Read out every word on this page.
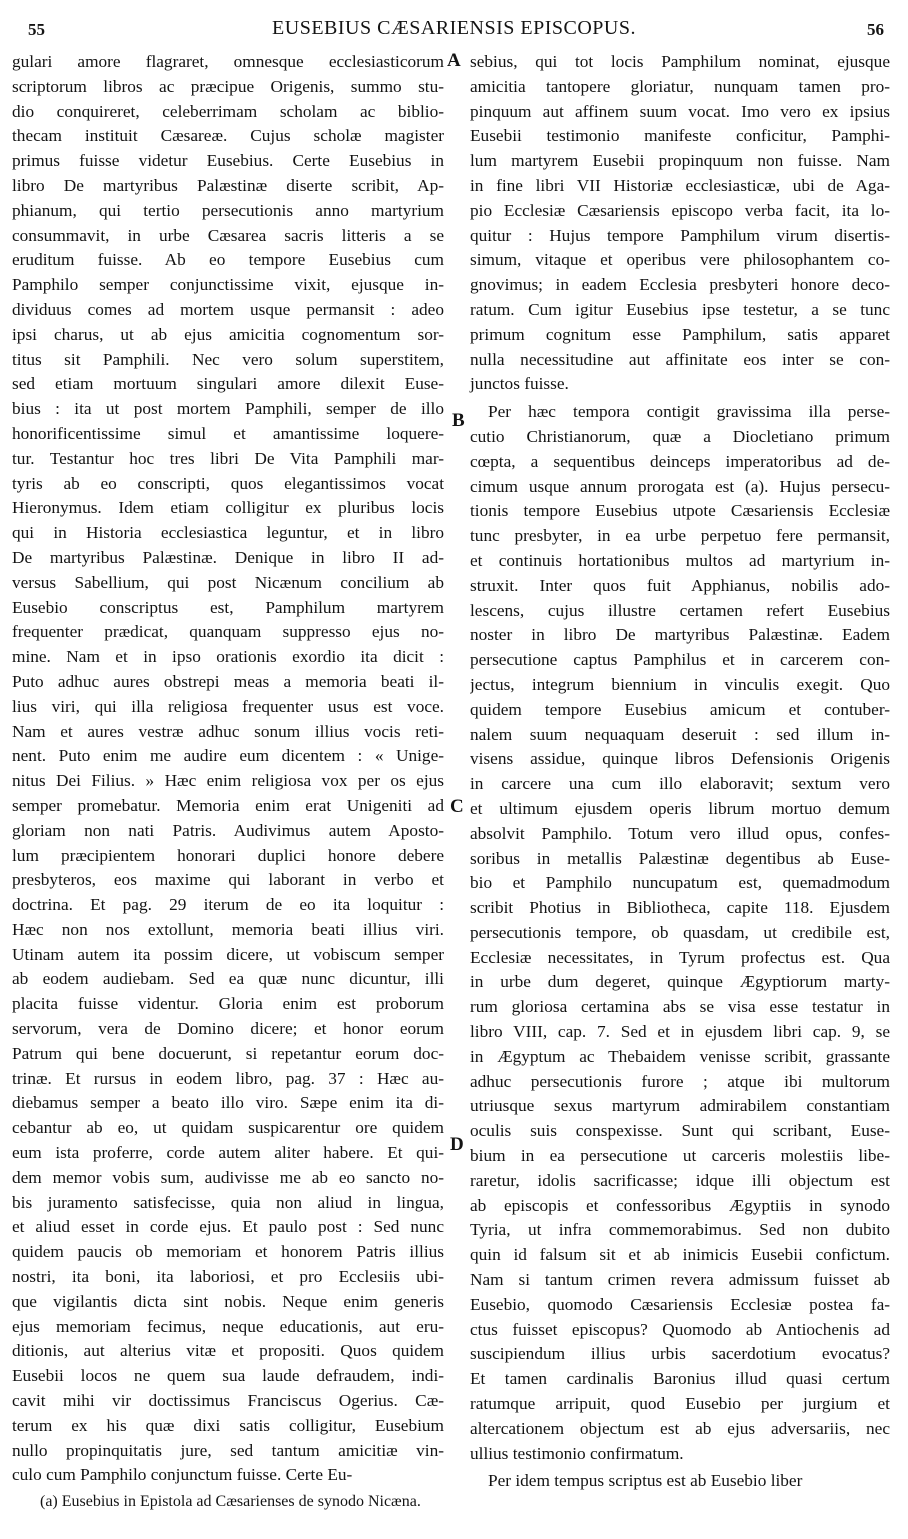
55	EUSEBIUS CÆSARIENSIS EPISCOPUS.	56
gulari amore flagraret, omnesque ecclesiasticorum
scriptorum libros ac præcipue Origenis, summo stu-
dio conquireret, celeberrimam scholam ac biblio-
thecam instituit Cæsareæ. Cujus scholæ magister
primus fuisse videtur Eusebius. Certe Eusebius in
libro De martyribus Palæstinæ diserte scribit, Ap-
phianum, qui tertio persecutionis anno martyrium
consummavit, in urbe Cæsarea sacris litteris a se
eruditum fuisse. Ab eo tempore Eusebius cum
Pamphilo semper conjunctissime vixit, ejusque in-
dividuus comes ad mortem usque permansit : adeo
ipsi charus, ut ab ejus amicitia cognomentum sor-
titus sit Pamphili. Nec vero solum superstitem,
sed etiam mortuum singulari amore dilexit Euse-
bius : ita ut post mortem Pamphili, semper de illo
honorificentissime simul et amantissime loquere-
tur. Testantur hoc tres libri De Vita Pamphili mar-
tyris ab eo conscripti, quos elegantissimos vocat
Hieronymus. Idem etiam colligitur ex pluribus locis
qui in Historia ecclesiastica leguntur, et in libro
De martyribus Palæstinæ. Denique in libro II ad-
versus Sabellium, qui post Nicænum concilium ab
Eusebio conscriptus est, Pamphilum martyrem
frequenter prædicat, quanquam suppresso ejus no-
mine. Nam et in ipso orationis exordio ita dicit :
Puto adhuc aures obstrepi meas a memoria beati il-
lius viri, qui illa religiosa frequenter usus est voce.
Nam et aures vestræ adhuc sonum illius vocis reti-
nent. Puto enim me audire eum dicentem : « Unige-
nitus Dei Filius. » Hæc enim religiosa vox per os ejus
semper promebatur. Memoria enim erat Unigeniti ad
gloriam non nati Patris. Audivimus autem Aposto-
lum præcipientem honorari duplici honore debere
presbyteros, eos maxime qui laborant in verbo et
doctrina. Et pag. 29 iterum de eo ita loquitur :
Hæc non nos extollunt, memoria beati illius viri.
Utinam autem ita possim dicere, ut vobiscum semper
ab eodem audiebam. Sed ea quæ nunc dicuntur, illi
placita fuisse videntur. Gloria enim est proborum
servorum, vera de Domino dicere; et honor eorum
Patrum qui bene docuerunt, si repetantur eorum doc-
trinæ. Et rursus in eodem libro, pag. 37 : Hæc au-
diebamus semper a beato illo viro. Sæpe enim ita di-
cebantur ab eo, ut quidam suspicarentur ore quidem
eum ista proferre, corde autem aliter habere. Et qui-
dem memor vobis sum, audivisse me ab eo sancto no-
bis juramento satisfecisse, quia non aliud in lingua,
et aliud esset in corde ejus. Et paulo post : Sed nunc
quidem paucis ob memoriam et honorem Patris illius
nostri, ita boni, ita laboriosi, et pro Ecclesiis ubi-
que vigilantis dicta sint nobis. Neque enim generis
ejus memoriam fecimus, neque educationis, aut eru-
ditionis, aut alterius vitæ et propositi. Quos quidem
Eusebii locos ne quem sua laude defraudem, indi-
cavit mihi vir doctissimus Franciscus Ogerius. Cæ-
terum ex his quæ dixi satis colligitur, Eusebium
nullo propinquitatis jure, sed tantum amicitiæ vin-
culo cum Pamphilo conjunctum fuisse. Certe Eu-
sebius, qui tot locis Pamphilum nominat, ejusque
amicitia tantopere gloriatur, nunquam tamen pro-
pinquum aut affinem suum vocat. Imo vero ex ipsius
Eusebii testimonio manifeste conficitur, Pamphi-
lum martyrem Eusebii propinquum non fuisse. Nam
in fine libri VII Historiæ ecclesiasticæ, ubi de Aga-
pio Ecclesiæ Cæsariensis episcopo verba facit, ita lo-
quitur : Hujus tempore Pamphilum virum disertis-
simum, vitaque et operibus vere philosophantem co-
gnovimus; in eadem Ecclesia presbyteri honore deco-
ratum. Cum igitur Eusebius ipse testetur, a se tunc
primum cognitum esse Pamphilum, satis apparet
nulla necessitudine aut affinitate eos inter se con-
junctos fuisse.
Per hæc tempora contigit gravissima illa perse-
cutio Christianorum, quæ a Diocletiano primum
cœpta, a sequentibus deinceps imperatoribus ad de-
cimum usque annum prorogata est (a). Hujus persecu-
tionis tempore Eusebius utpote Cæsariensis Ecclesiæ
tunc presbyter, in ea urbe perpetuo fere permansit,
et continuis hortationibus multos ad martyrium in-
struxit. Inter quos fuit Apphianus, nobilis ado-
lescens, cujus illustre certamen refert Eusebius
noster in libro De martyribus Palæstinæ. Eadem
persecutione captus Pamphilus et in carcerem con-
jectus, integrum biennium in vinculis exegit. Quo
quidem tempore Eusebius amicum et contuber-
nalem suum nequaquam deseruit : sed illum in-
visens assidue, quinque libros Defensionis Origenis
in carcere una cum illo elaboravit; sextum vero
et ultimum ejusdem operis librum mortuo demum
absolvit Pamphilo. Totum vero illud opus, confes-
soribus in metallis Palæstinæ degentibus ab Euse-
bio et Pamphilo nuncupatum est, quemadmodum
scribit Photius in Bibliotheca, capite 118. Ejusdem
persecutionis tempore, ob quasdam, ut credibile est,
Ecclesiæ necessitates, in Tyrum profectus est. Qua
in urbe dum degeret, quinque Ægyptiorum marty-
rum gloriosa certamina abs se visa esse testatur in
libro VIII, cap. 7. Sed et in ejusdem libri cap. 9, se
in Ægyptum ac Thebaidem venisse scribit, grassante
adhuc persecutionis furore ; atque ibi multorum
utriusque sexus martyrum admirabilem constantiam
oculis suis conspexisse. Sunt qui scribant, Euse-
bium in ea persecutione ut carceris molestiis libe-
raretur, idolis sacrificasse; idque illi objectum est
ab episcopis et confessoribus Ægyptiis in synodo
Tyria, ut infra commemorabimus. Sed non dubito
quin id falsum sit et ab inimicis Eusebii confictum.
Nam si tantum crimen revera admissum fuisset ab
Eusebio, quomodo Cæsariensis Ecclesiæ postea fa-
ctus fuisset episcopus? Quomodo ab Antiochenis ad
suscipiendum illius urbis sacerdotium evocatus?
Et tamen cardinalis Baronius illud quasi certum
ratumque arripuit, quod Eusebio per jurgium et
altercationem objectum est ab ejus adversariis, nec
ullius testimonio confirmatum.
Per idem tempus scriptus est ab Eusebio liber
A
B
C
D
(a) Eusebius in Epistola ad Cæsarienses de synodo Nicæna.
